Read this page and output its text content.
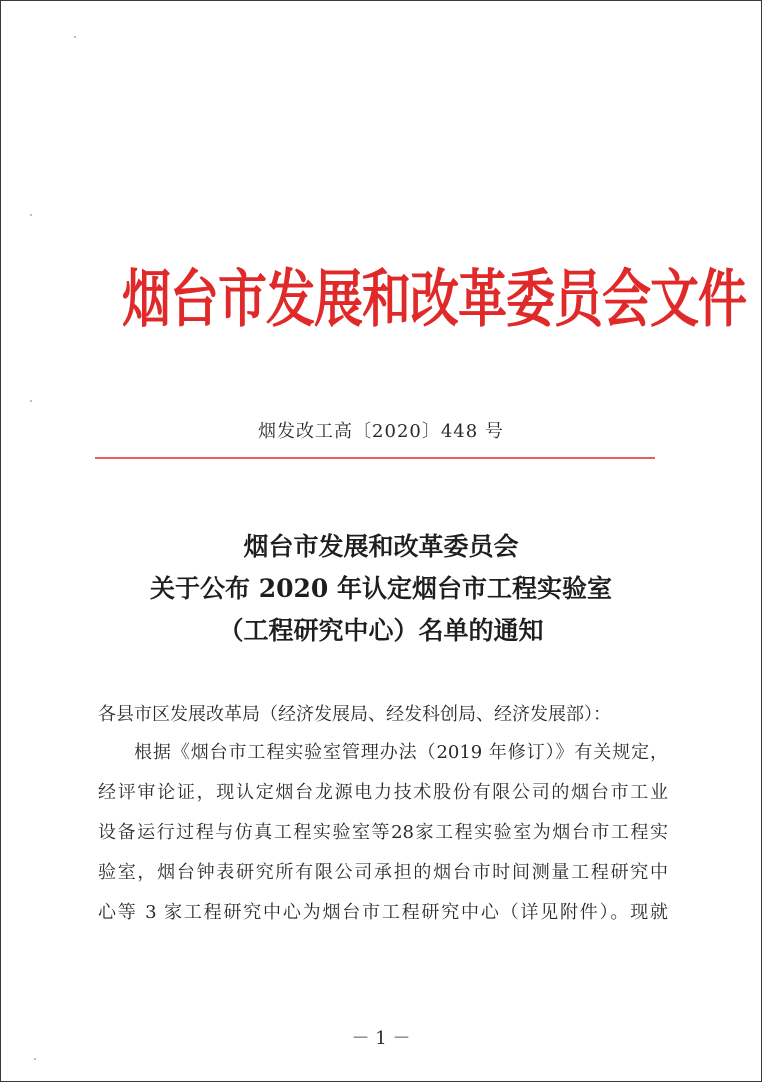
烟台市发展和改革委员会文件
烟发改工高〔2020〕448 号
烟台市发展和改革委员会
关于公布 2020 年认定烟台市工程实验室
（工程研究中心）名单的通知
各县市区发展改革局（经济发展局、经发科创局、经济发展部）：
根据《烟台市工程实验室管理办法（2019 年修订）》有关规定，
经评审论证，现认定烟台龙源电力技术股份有限公司的烟台市工业
设备运行过程与仿真工程实验室等28家工程实验室为烟台市工程实
验室，烟台钟表研究所有限公司承担的烟台市时间测量工程研究中
心等 3 家工程研究中心为烟台市工程研究中心（详见附件）。现就
－ 1 －
